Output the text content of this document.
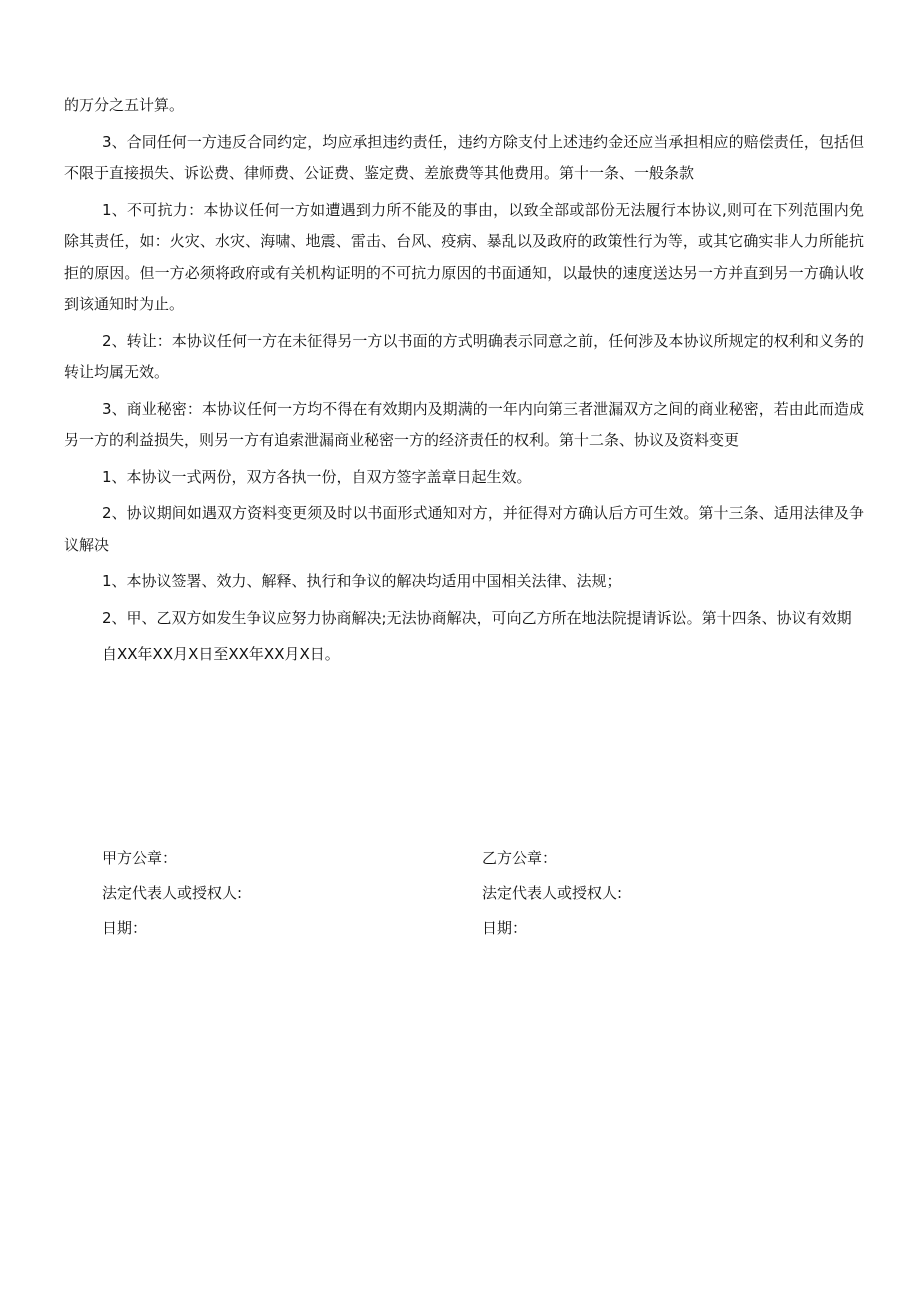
的万分之五计算。

3、合同任何一方违反合同约定，均应承担违约责任，违约方除支付上述违约金还应当承担相应的赔偿责任，包括但不限于直接损失、诉讼费、律师费、公证费、鉴定费、差旅费等其他费用。第十一条、一般条款

1、不可抗力：本协议任何一方如遭遇到力所不能及的事由，以致全部或部份无法履行本协议,则可在下列范围内免除其责任，如：火灾、水灾、海啸、地震、雷击、台风、疫病、暴乱以及政府的政策性行为等，或其它确实非人力所能抗拒的原因。但一方必须将政府或有关机构证明的不可抗力原因的书面通知，以最快的速度送达另一方并直到另一方确认收到该通知时为止。

2、转让：本协议任何一方在未征得另一方以书面的方式明确表示同意之前，任何涉及本协议所规定的权利和义务的转让均属无效。

3、商业秘密：本协议任何一方均不得在有效期内及期满的一年内向第三者泄漏双方之间的商业秘密，若由此而造成另一方的利益损失，则另一方有追索泄漏商业秘密一方的经济责任的权利。第十二条、协议及资料变更

1、本协议一式两份，双方各执一份，自双方签字盖章日起生效。

2、协议期间如遇双方资料变更须及时以书面形式通知对方，并征得对方确认后方可生效。第十三条、适用法律及争议解决

1、本协议签署、效力、解释、执行和争议的解决均适用中国相关法律、法规；

2、甲、乙双方如发生争议应努力协商解决;无法协商解决，可向乙方所在地法院提请诉讼。第十四条、协议有效期

自XX年XX月X日至XX年XX月X日。

甲方公章：
法定代表人或授权人:
日期：
乙方公章：
法定代表人或授权人:
日期：
